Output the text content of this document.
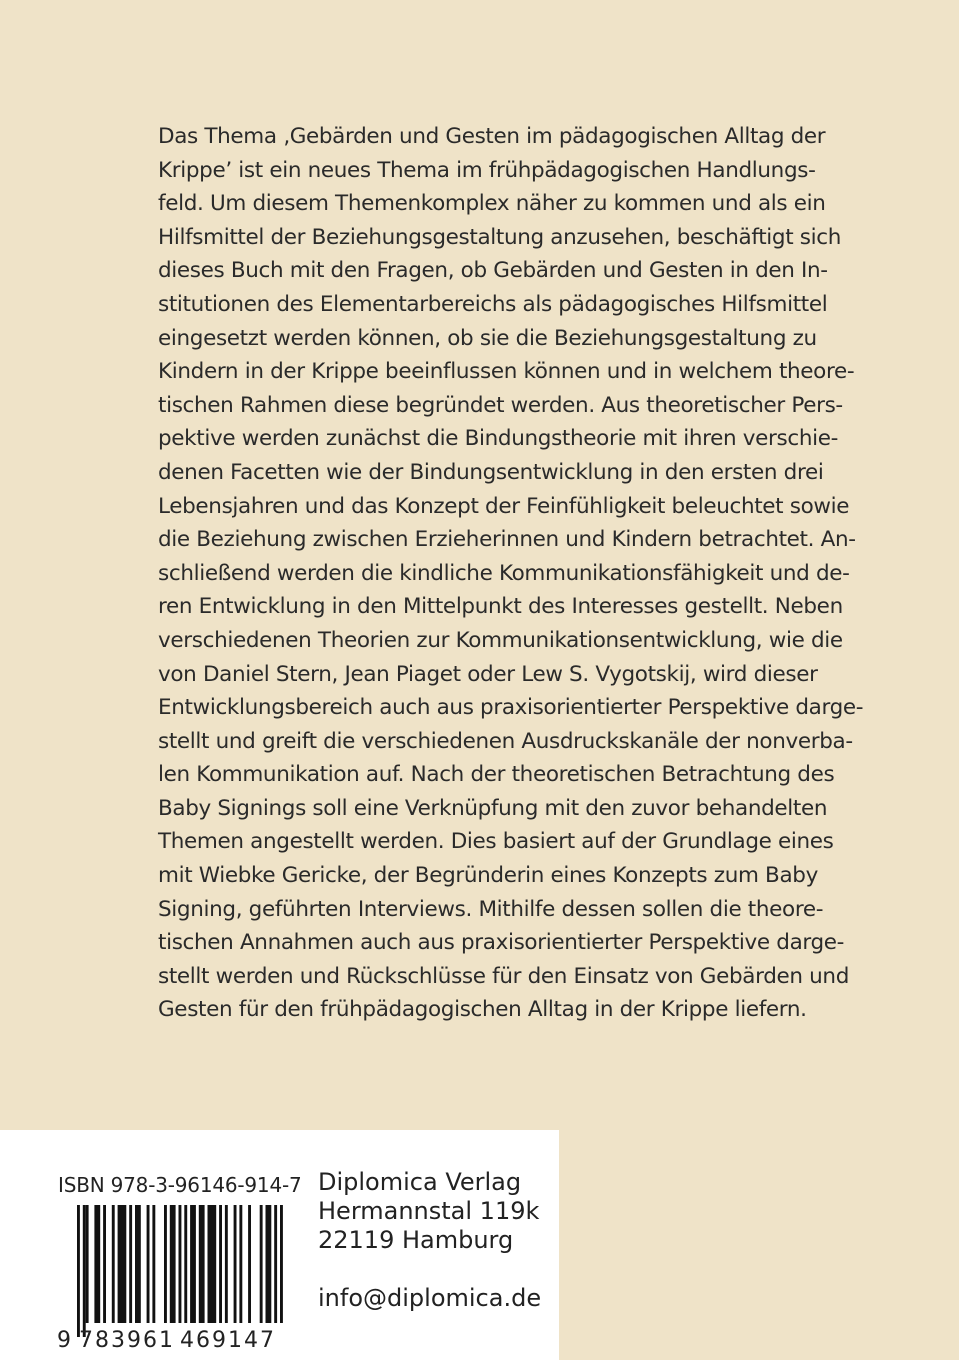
Das Thema ‚Gebärden und Gesten im pädagogischen Alltag der
Krippe’ ist ein neues Thema im frühpädagogischen Handlungs-
feld. Um diesem Themenkomplex näher zu kommen und als ein
Hilfsmittel der Beziehungsgestaltung anzusehen, beschäftigt sich
dieses Buch mit den Fragen, ob Gebärden und Gesten in den In-
stitutionen des Elementarbereichs als pädagogisches Hilfsmittel
eingesetzt werden können, ob sie die Beziehungsgestaltung zu
Kindern in der Krippe beeinflussen können und in welchem theore-
tischen Rahmen diese begründet werden. Aus theoretischer Pers-
pektive werden zunächst die Bindungstheorie mit ihren verschie-
denen Facetten wie der Bindungsentwicklung in den ersten drei
Lebensjahren und das Konzept der Feinfühligkeit beleuchtet sowie
die Beziehung zwischen Erzieherinnen und Kindern betrachtet. An-
schließend werden die kindliche Kommunikationsfähigkeit und de-
ren Entwicklung in den Mittelpunkt des Interesses gestellt. Neben
verschiedenen Theorien zur Kommunikationsentwicklung, wie die
von Daniel Stern, Jean Piaget oder Lew S. Vygotskij, wird dieser
Entwicklungsbereich auch aus praxisorientierter Perspektive darge-
stellt und greift die verschiedenen Ausdruckskanäle der nonverba-
len Kommunikation auf. Nach der theoretischen Betrachtung des
Baby Signings soll eine Verknüpfung mit den zuvor behandelten
Themen angestellt werden. Dies basiert auf der Grundlage eines
mit Wiebke Gericke, der Begründerin eines Konzepts zum Baby
Signing, geführten Interviews. Mithilfe dessen sollen die theore-
tischen Annahmen auch aus praxisorientierter Perspektive darge-
stellt werden und Rückschlüsse für den Einsatz von Gebärden und
Gesten für den frühpädagogischen Alltag in der Krippe liefern.
ISBN 978-3-96146-914-7
9 783961 469147
Diplomica Verlag
Hermannstal 119k
22119 Hamburg
info@diplomica.de
